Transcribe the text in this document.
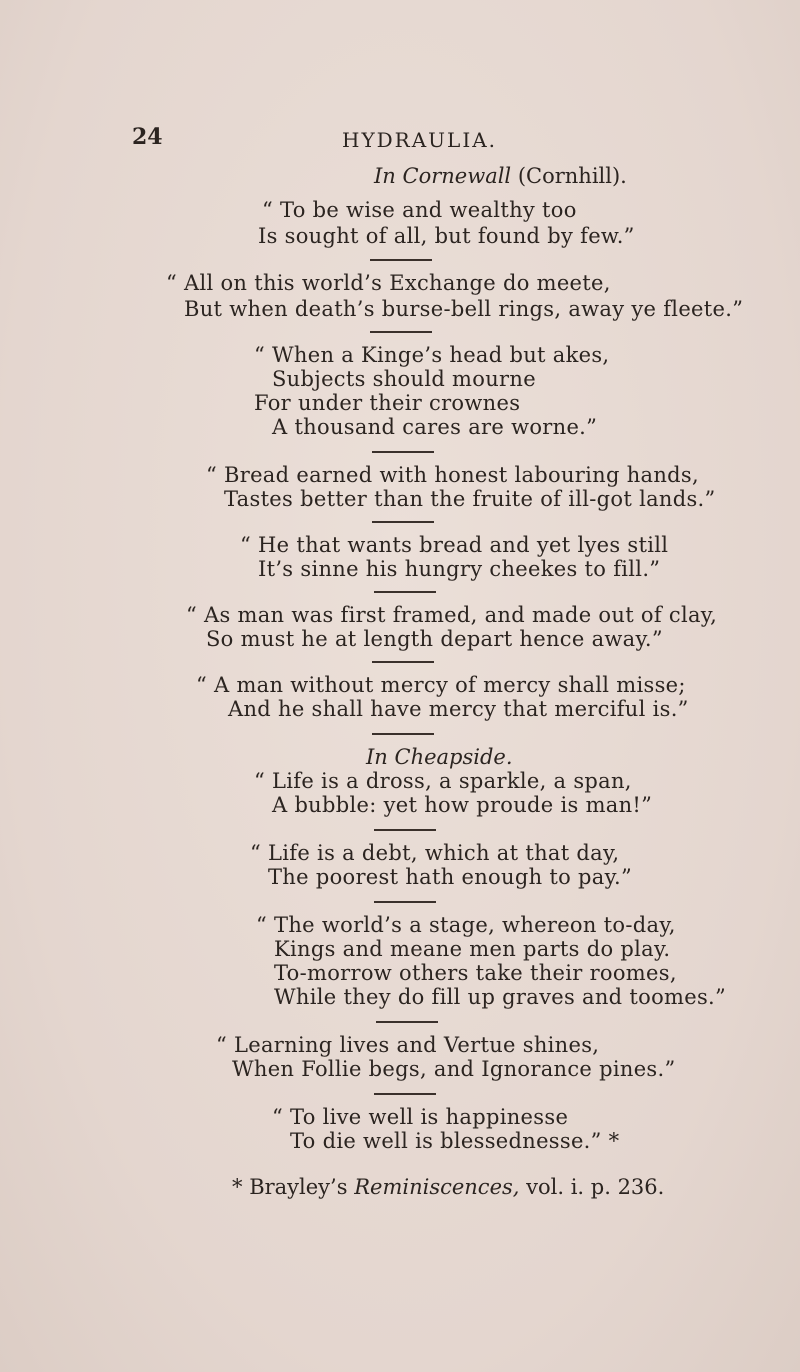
24	HYDRAULIA.
In Cornewall (Cornhill).
“ To be wise and wealthy too
Is sought of all, but found by few.”
“ All on this world’s Exchange do meete,
But when death’s burse-bell rings, away ye fleete.”
“ When a Kinge’s head but akes,
Subjects should mourne
For under their crownes
A thousand cares are worne.”
“ Bread earned with honest labouring hands,
Tastes better than the fruite of ill-got lands.”
“ He that wants bread and yet lyes still
It’s sinne his hungry cheekes to fill.”
“ As man was first framed, and made out of clay,
So must he at length depart hence away.”
“ A man without mercy of mercy shall misse;
And he shall have mercy that merciful is.”
In Cheapside.
“ Life is a dross, a sparkle, a span,
A bubble: yet how proude is man!”
“ Life is a debt, which at that day,
The poorest hath enough to pay.”
“ The world’s a stage, whereon to-day,
Kings and meane men parts do play.
To-morrow others take their roomes,
While they do fill up graves and toomes.”
“ Learning lives and Vertue shines,
When Follie begs, and Ignorance pines.”
“ To live well is happinesse
To die well is blessednesse.” *
* Brayley’s Reminiscences, vol. i. p. 236.
